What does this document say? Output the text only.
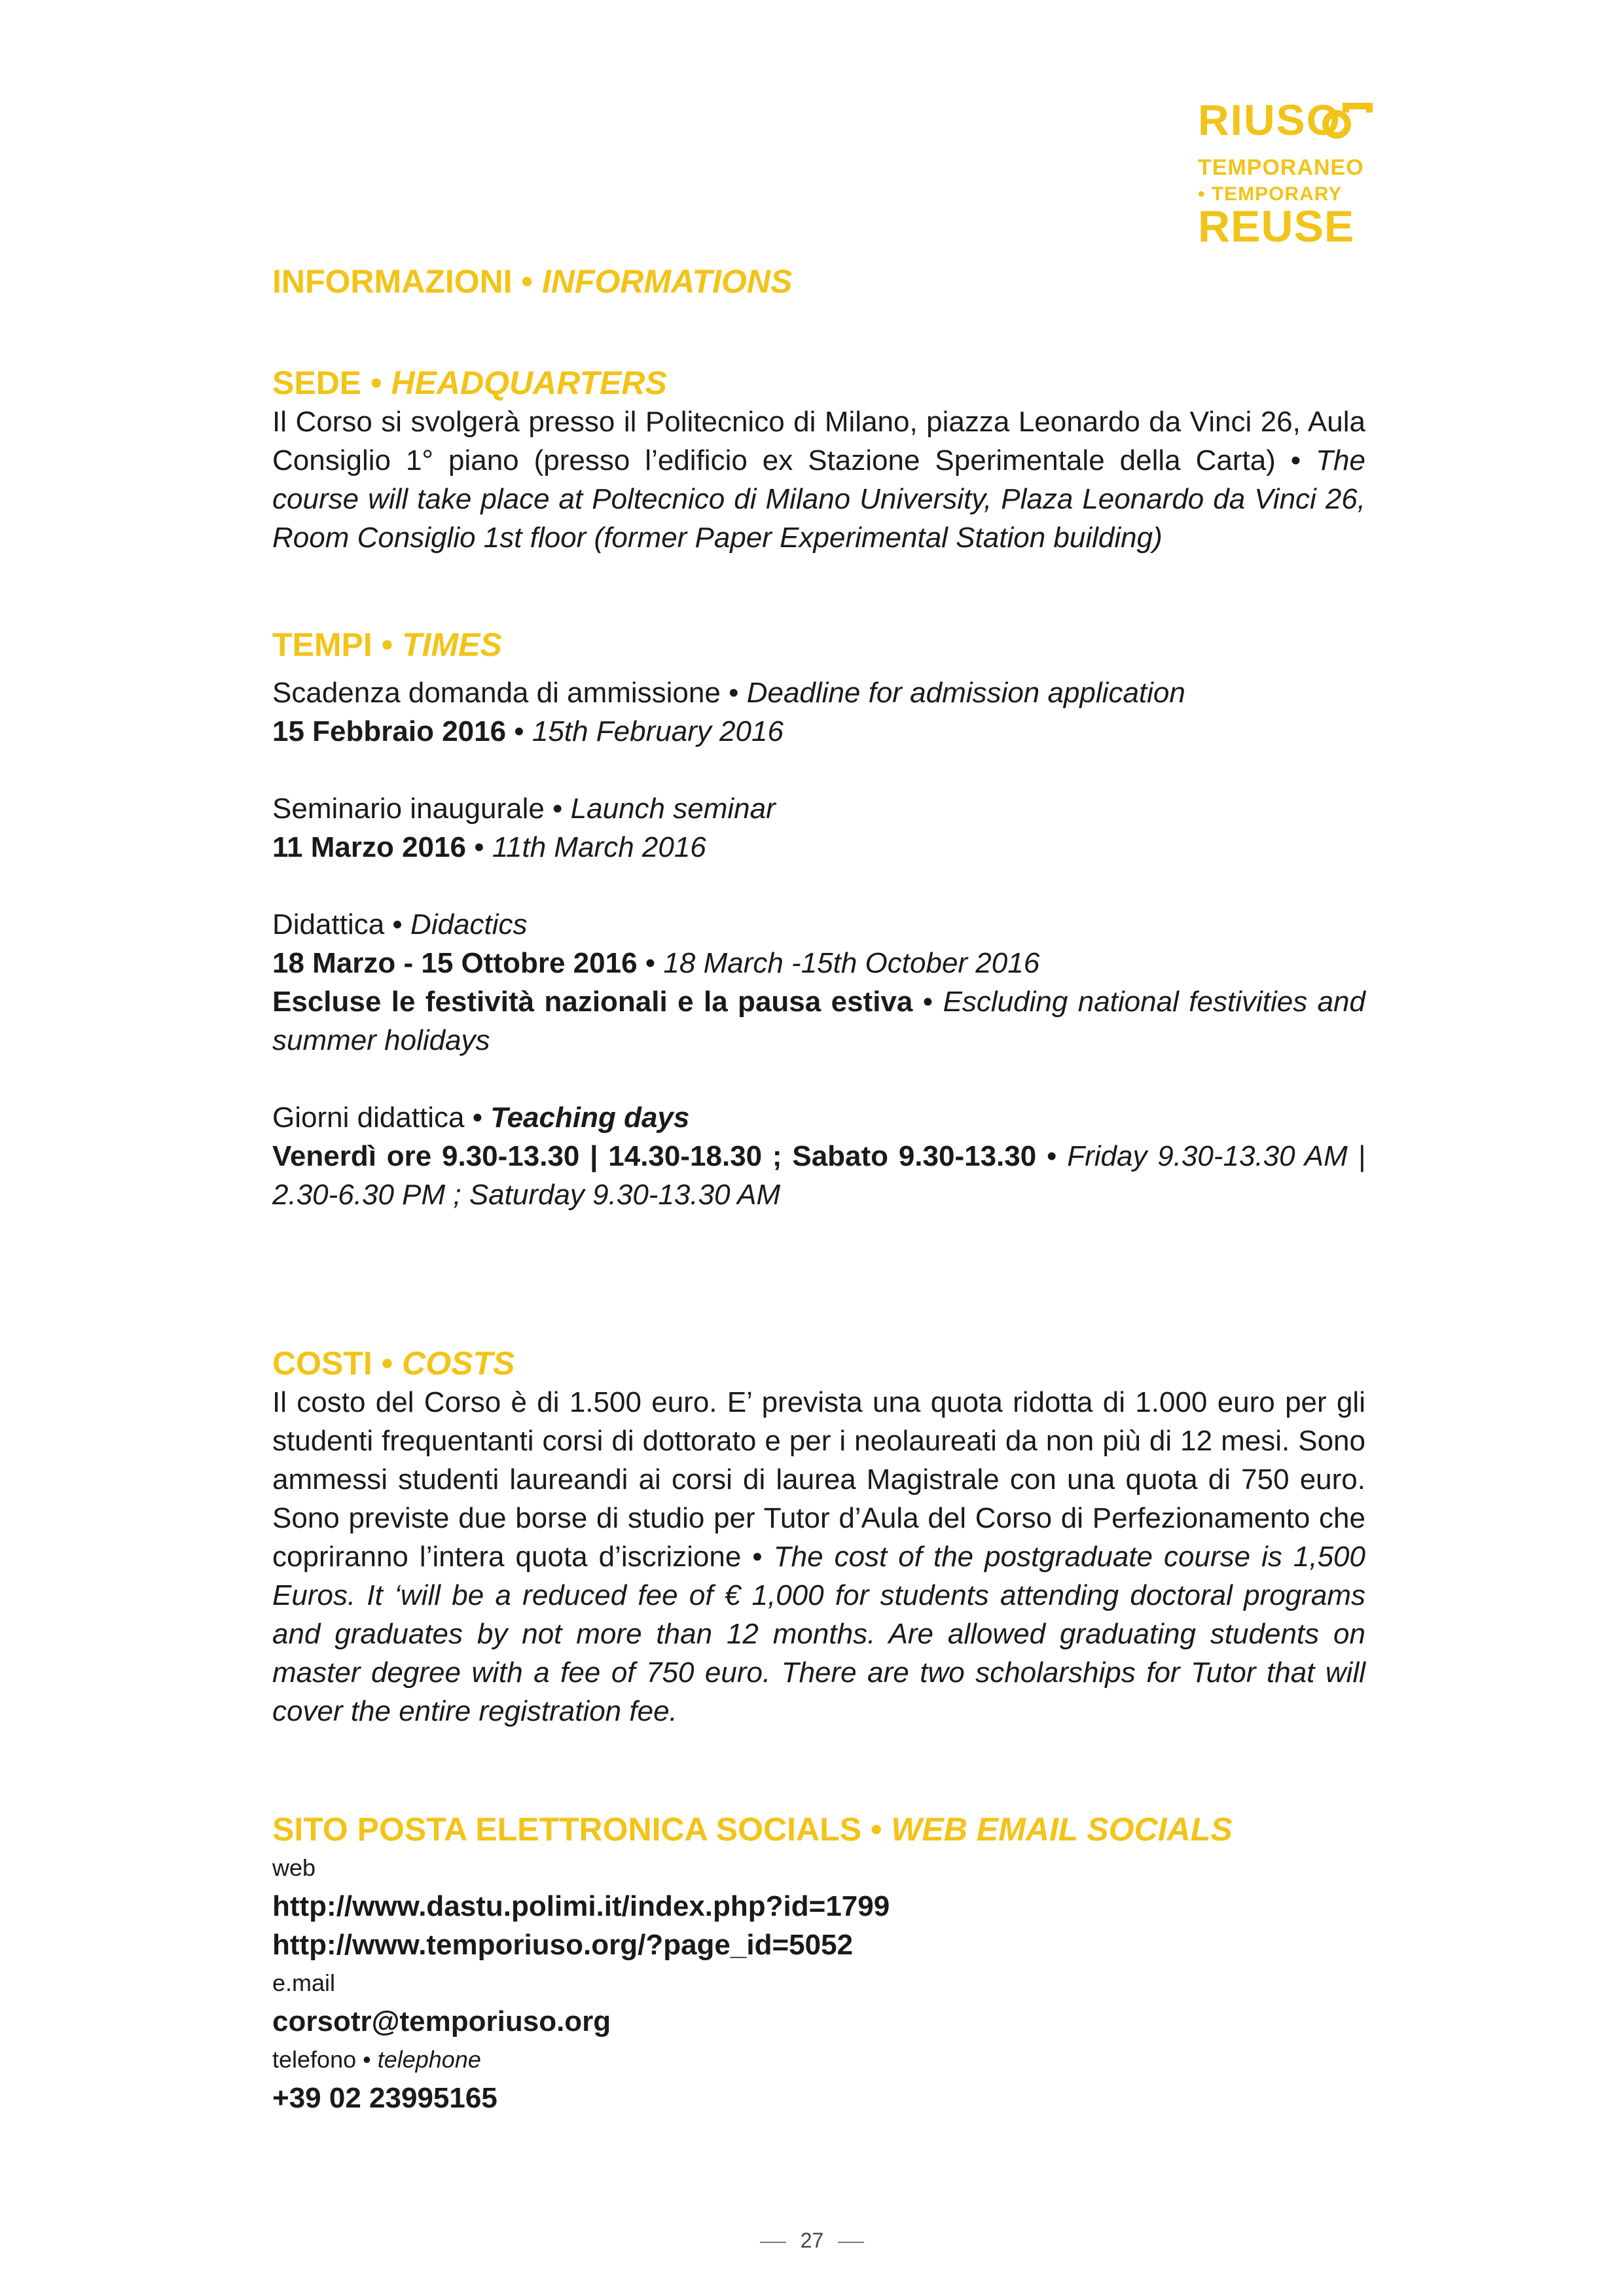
RIUSO
TEMPORANEO
• TEMPORARY
REUSE
INFORMAZIONI • INFORMATIONS
SEDE • HEADQUARTERS

Il Corso si svolgerà presso il Politecnico di Milano, piazza Leonardo da Vinci 26, Aula Consiglio 1° piano (presso l’edificio ex Stazione Sperimentale della Carta) • The course will take place at Poltecnico di Milano University, Plaza Leonardo da Vinci 26, Room Consiglio 1st floor (former Paper Experimental Station building)

TEMPI • TIMES

Scadenza domanda di ammissione • Deadline for admission application

15 Febbraio 2016 • 15th February 2016

Seminario inaugurale • Launch seminar

11 Marzo 2016 • 11th March 2016

Didattica • Didactics

18 Marzo - 15 Ottobre 2016 • 18 March -15th October 2016

Escluse le festività nazionali e la pausa estiva • Escluding national festivities and summer holidays

Giorni didattica • Teaching days

Venerdì ore 9.30-13.30 | 14.30-18.30 ; Sabato 9.30-13.30 • Friday 9.30-13.30 AM | 2.30-6.30 PM ; Saturday 9.30-13.30 AM

COSTI • COSTS

Il costo del Corso è di 1.500 euro. E’ prevista una quota ridotta di 1.000 euro per gli studenti frequentanti corsi di dottorato e per i neolaureati da non più di 12 mesi. Sono ammessi studenti laureandi ai corsi di laurea Magistrale con una quota di 750 euro. Sono previste due borse di studio per Tutor d’Aula del Corso di Perfezionamento che copriranno l’intera quota d’iscrizione • The cost of the postgraduate course is 1,500 Euros. It ‘will be a reduced fee of € 1,000 for students attending doctoral programs and graduates by not more than 12 months. Are allowed graduating students on master degree with a fee of 750 euro. There are two scholarships for Tutor that will cover the entire registration fee.

SITO POSTA ELETTRONICA SOCIALS • WEB EMAIL SOCIALS

web

http://www.dastu.polimi.it/index.php?id=1799

http://www.temporiuso.org/?page_id=5052

e.mail

corsotr@temporiuso.org

telefono • telephone

+39 02 23995165

27
